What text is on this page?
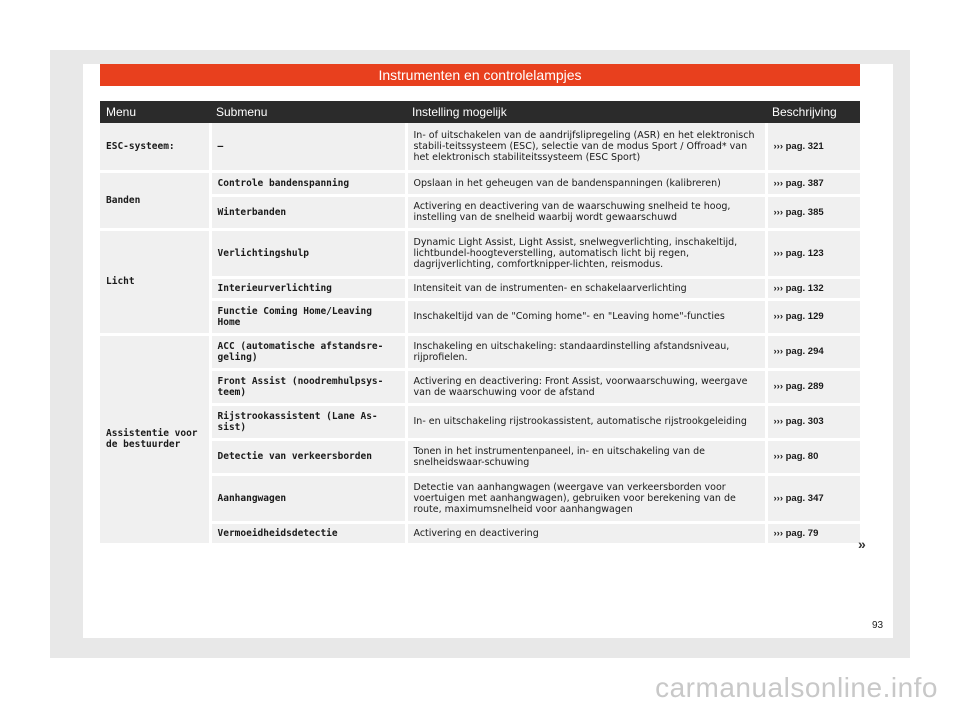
Instrumenten en controlelampjes
Menu	Submenu	Instelling mogelijk	Beschrijving
ESC-systeem:	–	In- of uitschakelen van de aandrijfslipregeling (ASR) en het elektronisch stabili-teitssysteem (ESC), selectie van de modus Sport / Offroad* van het elektronisch stabiliteitssysteem (ESC Sport)	››› pag. 321
Banden	Controle bandenspanning	Opslaan in het geheugen van de bandenspanningen (kalibreren)	››› pag. 387
	Winterbanden	Activering en deactivering van de waarschuwing snelheid te hoog, instelling van de snelheid waarbij wordt gewaarschuwd	››› pag. 385
Licht	Verlichtingshulp	Dynamic Light Assist, Light Assist, snelwegverlichting, inschakeltijd, lichtbundel-hoogteverstelling, automatisch licht bij regen, dagrijverlichting, comfortknipper-lichten, reismodus.	››› pag. 123
	Interieurverlichting	Intensiteit van de instrumenten- en schakelaarverlichting	››› pag. 132
	Functie Coming Home/Leaving Home	Inschakeltijd van de "Coming home"- en "Leaving home"-functies	››› pag. 129
Assistentie voor de bestuurder	ACC (automatische afstandsre-geling)	Inschakeling en uitschakeling: standaardinstelling afstandsniveau, rijprofielen.	››› pag. 294
	Front Assist (noodremhulpsys-teem)	Activering en deactivering: Front Assist, voorwaarschuwing, weergave van de waarschuwing voor de afstand	››› pag. 289
	Rijstrookassistent (Lane As-sist)	In- en uitschakeling rijstrookassistent, automatische rijstrookgeleiding	››› pag. 303
	Detectie van verkeersborden	Tonen in het instrumentenpaneel, in- en uitschakeling van de snelheidswaar-schuwing	››› pag. 80
	Aanhangwagen	Detectie van aanhangwagen (weergave van verkeersborden voor voertuigen met aanhangwagen), gebruiken voor berekening van de route, maximumsnelheid voor aanhangwagen	››› pag. 347
	Vermoeidheidsdetectie	Activering en deactivering	››› pag. 79
»
93
carmanualsonline.info
